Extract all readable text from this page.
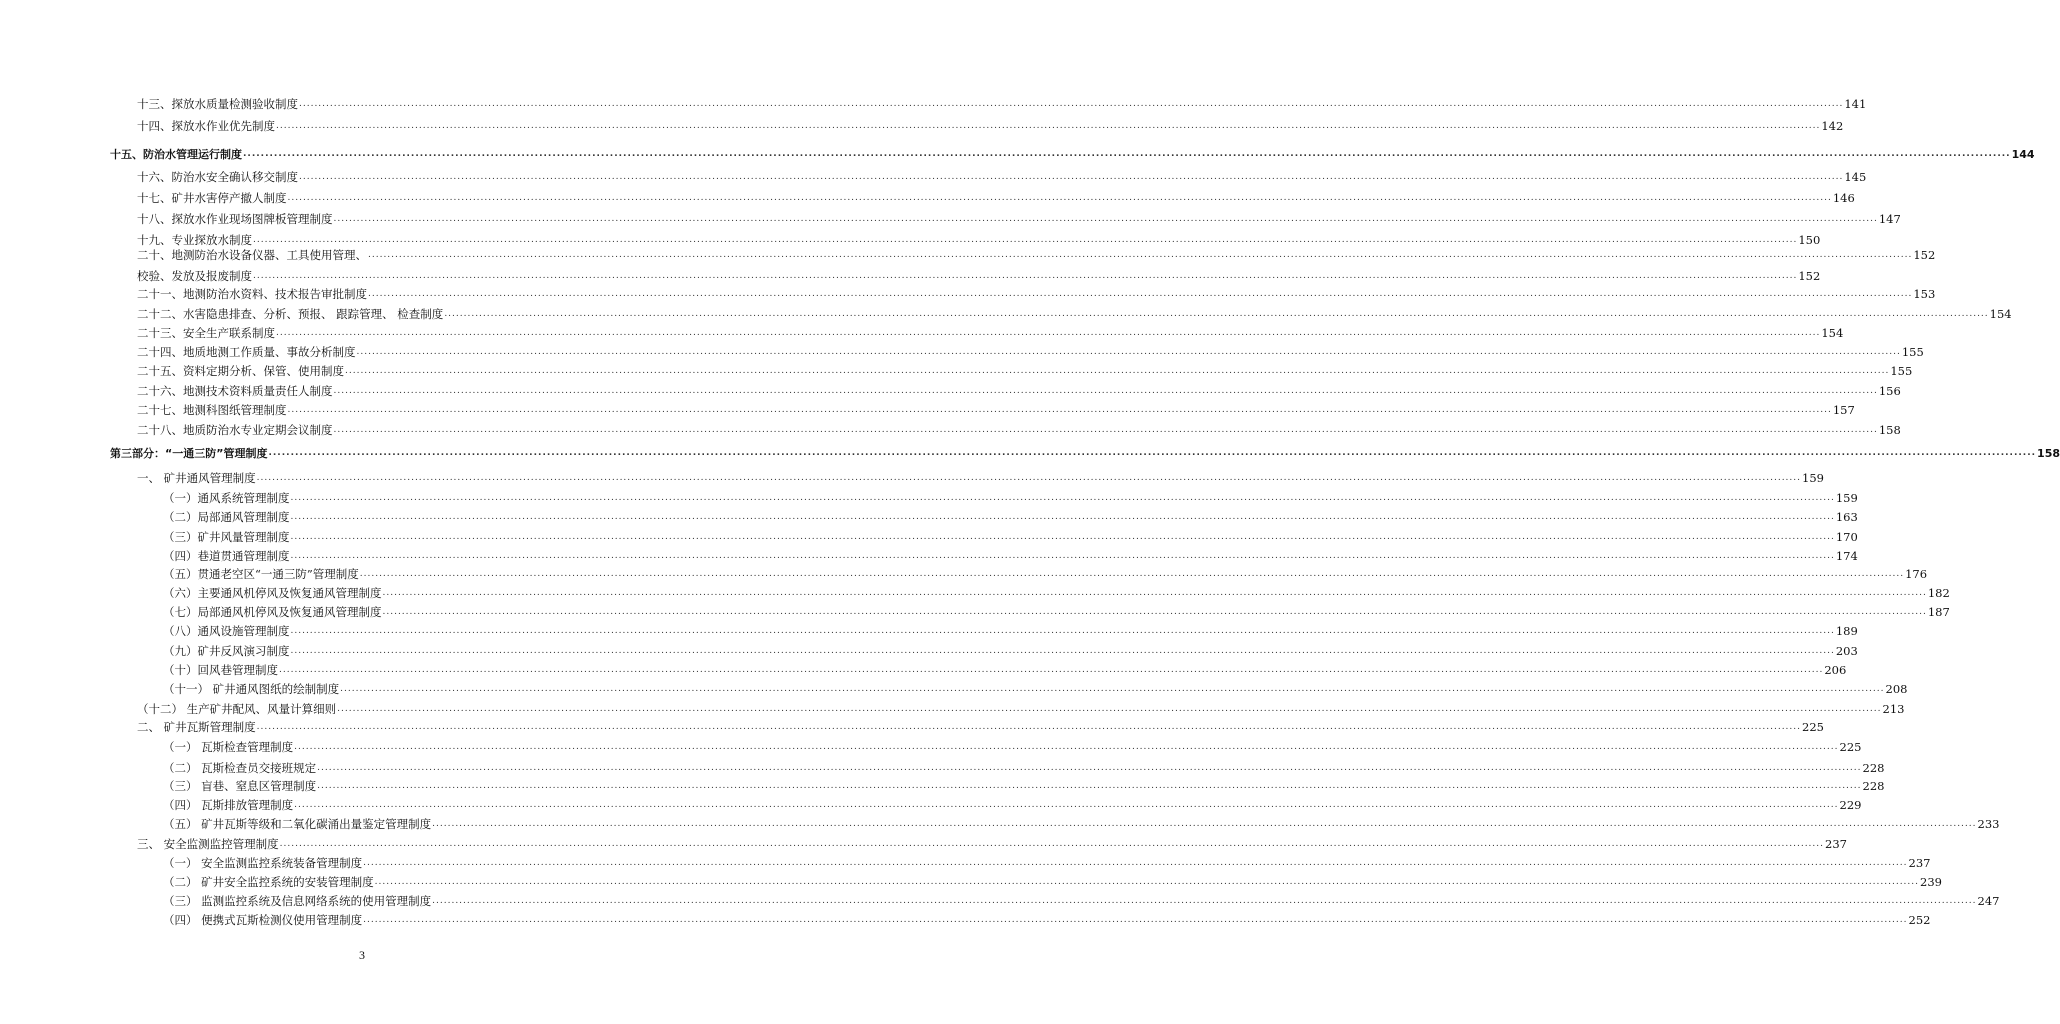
十三、探放水质量检测验收制度 ................................................................................................................................................................................................................................................................................................................................................................................................................ 141
十四、探放水作业优先制度 ................................................................................................................................................................................................................................................................................................................................................................................................................ 142
十五、防治水管理运行制度 ................................................................................................................................................................................................................................................................................................................................................................................................................ 144
十六、防治水安全确认移交制度 ................................................................................................................................................................................................................................................................................................................................................................................................................ 145
十七、矿井水害停产撤人制度 ................................................................................................................................................................................................................................................................................................................................................................................................................ 146
十八、探放水作业现场图牌板管理制度 ................................................................................................................................................................................................................................................................................................................................................................................................................ 147
十九、专业探放水制度 ................................................................................................................................................................................................................................................................................................................................................................................................................ 150
二十、地测防治水设备仪器、工具使用管理、 ................................................................................................................................................................................................................................................................................................................................................................................................................ 152
校验、发放及报废制度 ................................................................................................................................................................................................................................................................................................................................................................................................................ 152
二十一、地测防治水资料、技术报告审批制度 ................................................................................................................................................................................................................................................................................................................................................................................................................ 153
二十二、水害隐患排查、分析、预报、 跟踪管理、 检查制度 ................................................................................................................................................................................................................................................................................................................................................................................................................ 154
二十三、安全生产联系制度 ................................................................................................................................................................................................................................................................................................................................................................................................................ 154
二十四、地质地测工作质量、事故分析制度 ................................................................................................................................................................................................................................................................................................................................................................................................................ 155
二十五、资料定期分析、保管、使用制度 ................................................................................................................................................................................................................................................................................................................................................................................................................ 155
二十六、地测技术资料质量责任人制度 ................................................................................................................................................................................................................................................................................................................................................................................................................ 156
二十七、地测科图纸管理制度 ................................................................................................................................................................................................................................................................................................................................................................................................................ 157
二十八、地质防治水专业定期会议制度 ................................................................................................................................................................................................................................................................................................................................................................................................................ 158
第三部分：“一通三防”管理制度 ................................................................................................................................................................................................................................................................................................................................................................................................................ 158
一、 矿井通风管理制度 ................................................................................................................................................................................................................................................................................................................................................................................................................ 159
（一）通风系统管理制度 ................................................................................................................................................................................................................................................................................................................................................................................................................ 159
（二）局部通风管理制度 ................................................................................................................................................................................................................................................................................................................................................................................................................ 163
（三）矿井风量管理制度 ................................................................................................................................................................................................................................................................................................................................................................................................................ 170
（四）巷道贯通管理制度 ................................................................................................................................................................................................................................................................................................................................................................................................................ 174
（五）贯通老空区“一通三防”管理制度 ................................................................................................................................................................................................................................................................................................................................................................................................................ 176
（六）主要通风机停风及恢复通风管理制度 ................................................................................................................................................................................................................................................................................................................................................................................................................ 182
（七）局部通风机停风及恢复通风管理制度 ................................................................................................................................................................................................................................................................................................................................................................................................................ 187
（八）通风设施管理制度 ................................................................................................................................................................................................................................................................................................................................................................................................................ 189
（九）矿井反风演习制度 ................................................................................................................................................................................................................................................................................................................................................................................................................ 203
（十）回风巷管理制度 ................................................................................................................................................................................................................................................................................................................................................................................................................ 206
（十一） 矿井通风图纸的绘制制度 ................................................................................................................................................................................................................................................................................................................................................................................................................ 208
（十二） 生产矿井配风、风量计算细则 ................................................................................................................................................................................................................................................................................................................................................................................................................ 213
二、 矿井瓦斯管理制度 ................................................................................................................................................................................................................................................................................................................................................................................................................ 225
（一） 瓦斯检查管理制度 ................................................................................................................................................................................................................................................................................................................................................................................................................ 225
（二） 瓦斯检查员交接班规定 ................................................................................................................................................................................................................................................................................................................................................................................................................ 228
（三） 盲巷、窒息区管理制度 ................................................................................................................................................................................................................................................................................................................................................................................................................ 228
（四） 瓦斯排放管理制度 ................................................................................................................................................................................................................................................................................................................................................................................................................ 229
（五） 矿井瓦斯等级和二氧化碳涌出量鉴定管理制度 ................................................................................................................................................................................................................................................................................................................................................................................................................ 233
三、 安全监测监控管理制度 ................................................................................................................................................................................................................................................................................................................................................................................................................ 237
（一） 安全监测监控系统装备管理制度 ................................................................................................................................................................................................................................................................................................................................................................................................................ 237
（二） 矿井安全监控系统的安装管理制度 ................................................................................................................................................................................................................................................................................................................................................................................................................ 239
（三） 监测监控系统及信息网络系统的使用管理制度 ................................................................................................................................................................................................................................................................................................................................................................................................................ 247
（四） 便携式瓦斯检测仪使用管理制度 ................................................................................................................................................................................................................................................................................................................................................................................................................ 252
3
